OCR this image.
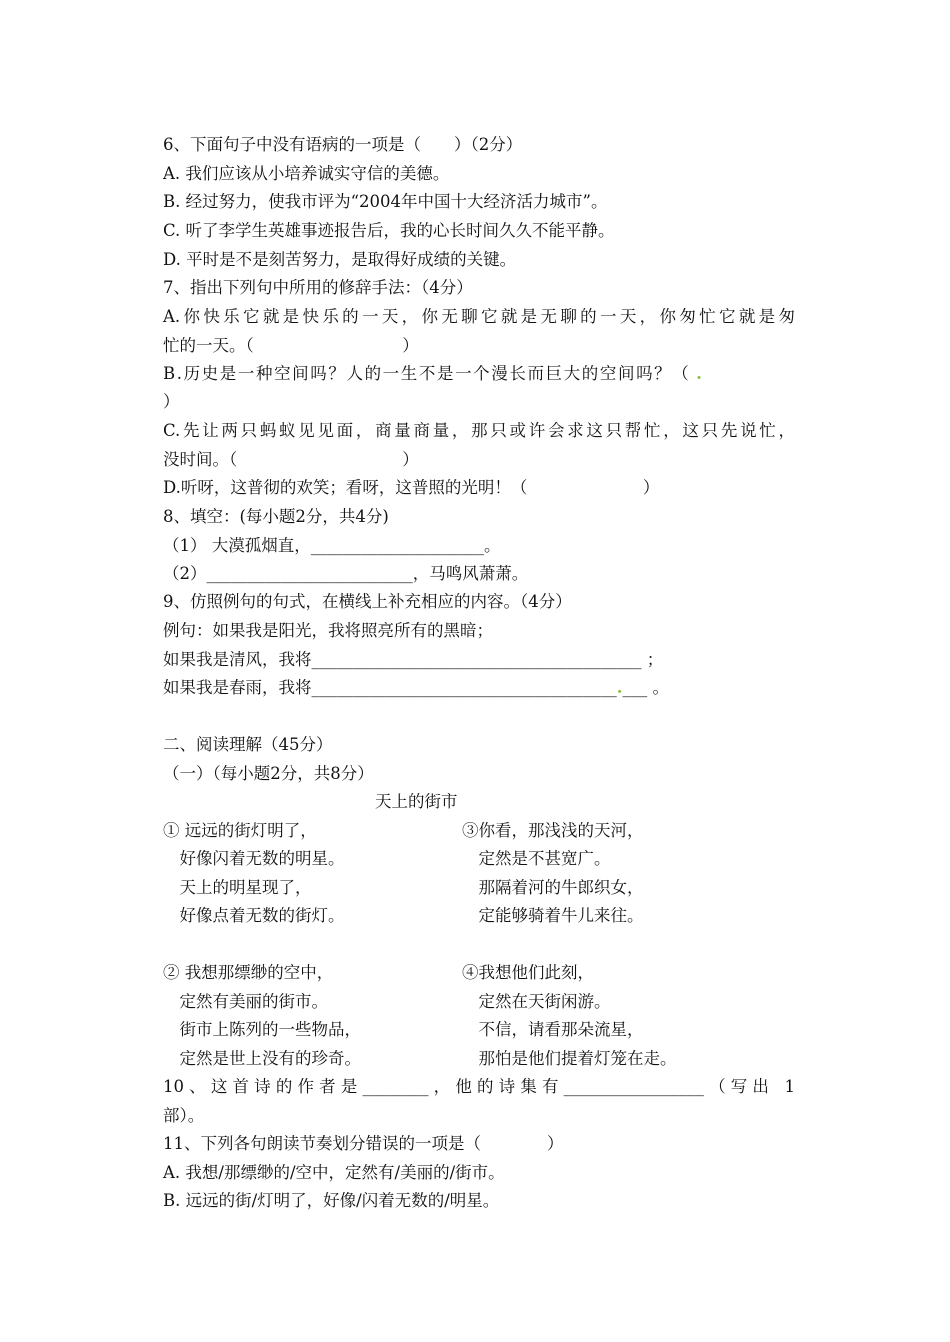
6、下面句子中没有语病的一项是（　　）（2分）
A. 我们应该从小培养诚实守信的美德。
B. 经过努力，使我市评为“2004年中国十大经济活力城市”。
C. 听了李学生英雄事迹报告后，我的心长时间久久不能平静。
D. 平时是不是刻苦努力，是取得好成绩的关键。
7、指出下列句中所用的修辞手法：（4分）
A.你快乐它就是快乐的一天，你无聊它就是无聊的一天，你匆忙它就是匆
忙的一天。（　　　　　　　　　）
B.历史是一种空间吗？人的一生不是一个漫长而巨大的空间吗？（ .
）
C.先让两只蚂蚁见见面，商量商量，那只或许会求这只帮忙，这只先说忙，
没时间。（　　　　　　　　　　）
D.听呀，这普彻的欢笑；看呀，这普照的光明！（　　　　　　　）
8、填空：(每小题2分，共4分)
（1） 大漠孤烟直，_____________________。
（2）_________________________，马鸣风萧萧。
9、仿照例句的句式，在横线上补充相应的内容。（4分）
例句：如果我是阳光，我将照亮所有的黑暗；
如果我是清风，我将________________________________________ ；
如果我是春雨，我将_____________________________________.___ 。
二、阅读理解（45分）
（一）（每小题2分，共8分）
天上的街市
① 远远的街灯明了，
　好像闪着无数的明星。
　天上的明星现了，
　好像点着无数的街灯。
③你看，那浅浅的天河，
　定然是不甚宽广。
　那隔着河的牛郎织女，
　定能够骑着牛儿来往。
② 我想那缥缈的空中，
　定然有美丽的街市。
　街市上陈列的一些物品，
　定然是世上没有的珍奇。
④我想他们此刻，
　定然在天街闲游。
　不信，请看那朵流星，
　那怕是他们提着灯笼在走。
10、这首诗的作者是________，他的诗集有_________________（写出 1
部）。
11、下列各句朗读节奏划分错误的一项是（　　　　）
A. 我想/那缥缈的/空中，定然有/美丽的/街市。
B. 远远的街/灯明了，好像/闪着无数的/明星。
